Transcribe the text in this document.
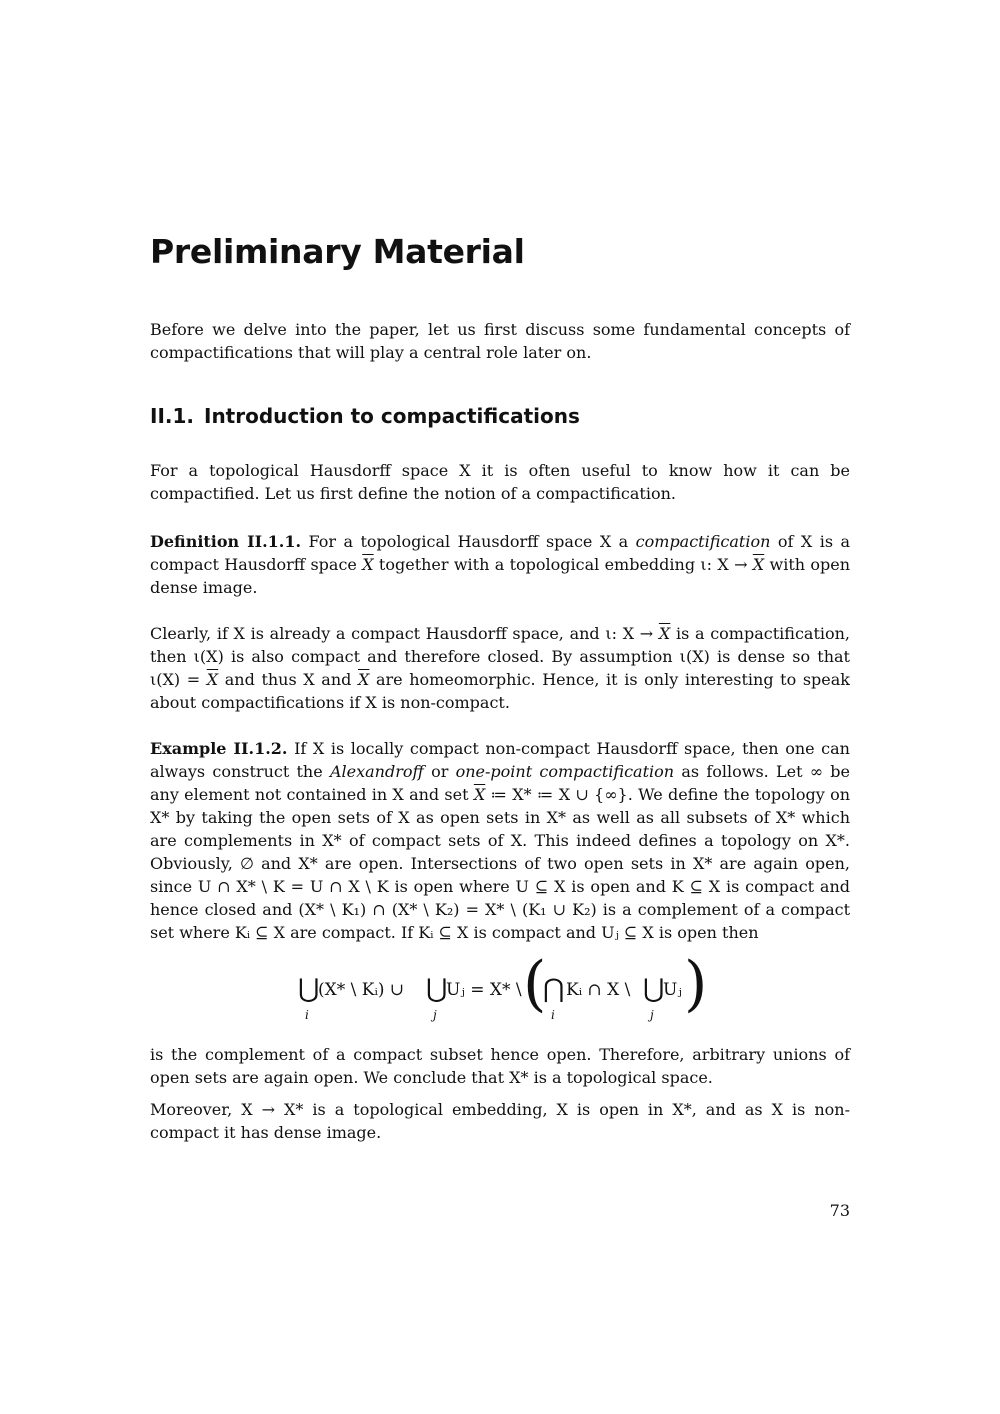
Preliminary Material

Before we delve into the paper, let us first discuss some fundamental concepts of compactifications that will play a central role later on.

II.1. Introduction to compactifications

For a topological Hausdorff space X it is often useful to know how it can be compactified. Let us first define the notion of a compactification.

Definition II.1.1. For a topological Hausdorff space X a compactification of X is a compact Hausdorff space $\overline{X}$ together with a topological embedding ι: $X \to \overline{X}$ with open dense image.

Clearly, if X is already a compact Hausdorff space, and ι: $X \to \overline{X}$ is a compactification, then ι(X) is also compact and therefore closed. By assumption ι(X) is dense so that $\iota(X) = \overline{X}$ and thus X and $\overline{X}$ are homeomorphic. Hence, it is only interesting to speak about compactifications if X is non-compact.

Example II.1.2. If X is locally compact non-compact Hausdorff space, then one can always construct the Alexandroff or one-point compactification as follows. Let ∞ be any element not contained in X and set $\overline{X}$ ≔ X* ≔ X ∪ {∞}. We define the topology on X* by taking the open sets of X as open sets in X* as well as all subsets of X* which are complements in X* of compact sets of X. This indeed defines a topology on X*. Obviously, ∅ and X* are open. Intersections of two open sets in X* are again open, since U ∩ X* \ K = U ∩ X \ K is open where U ⊆ X is open and K ⊆ X is compact and hence closed and (X* \ K₁) ∩ (X* \ K₂) = X* \ (K₁ ∪ K₂) is a complement of a compact set where Kᵢ ⊆ X are compact. If Kᵢ ⊆ X is compact and Uⱼ ⊆ X is open then

⋃
i
(X* \ Kᵢ) ∪ ⋃
j
Uⱼ = X* \ (
⋂
i
Kᵢ ∩ X \ ⋃
j
Uⱼ )

is the complement of a compact subset hence open. Therefore, arbitrary unions of open sets are again open. We conclude that X* is a topological space.

Moreover, X → X* is a topological embedding, X is open in X*, and as X is non-compact it has dense image.

73
